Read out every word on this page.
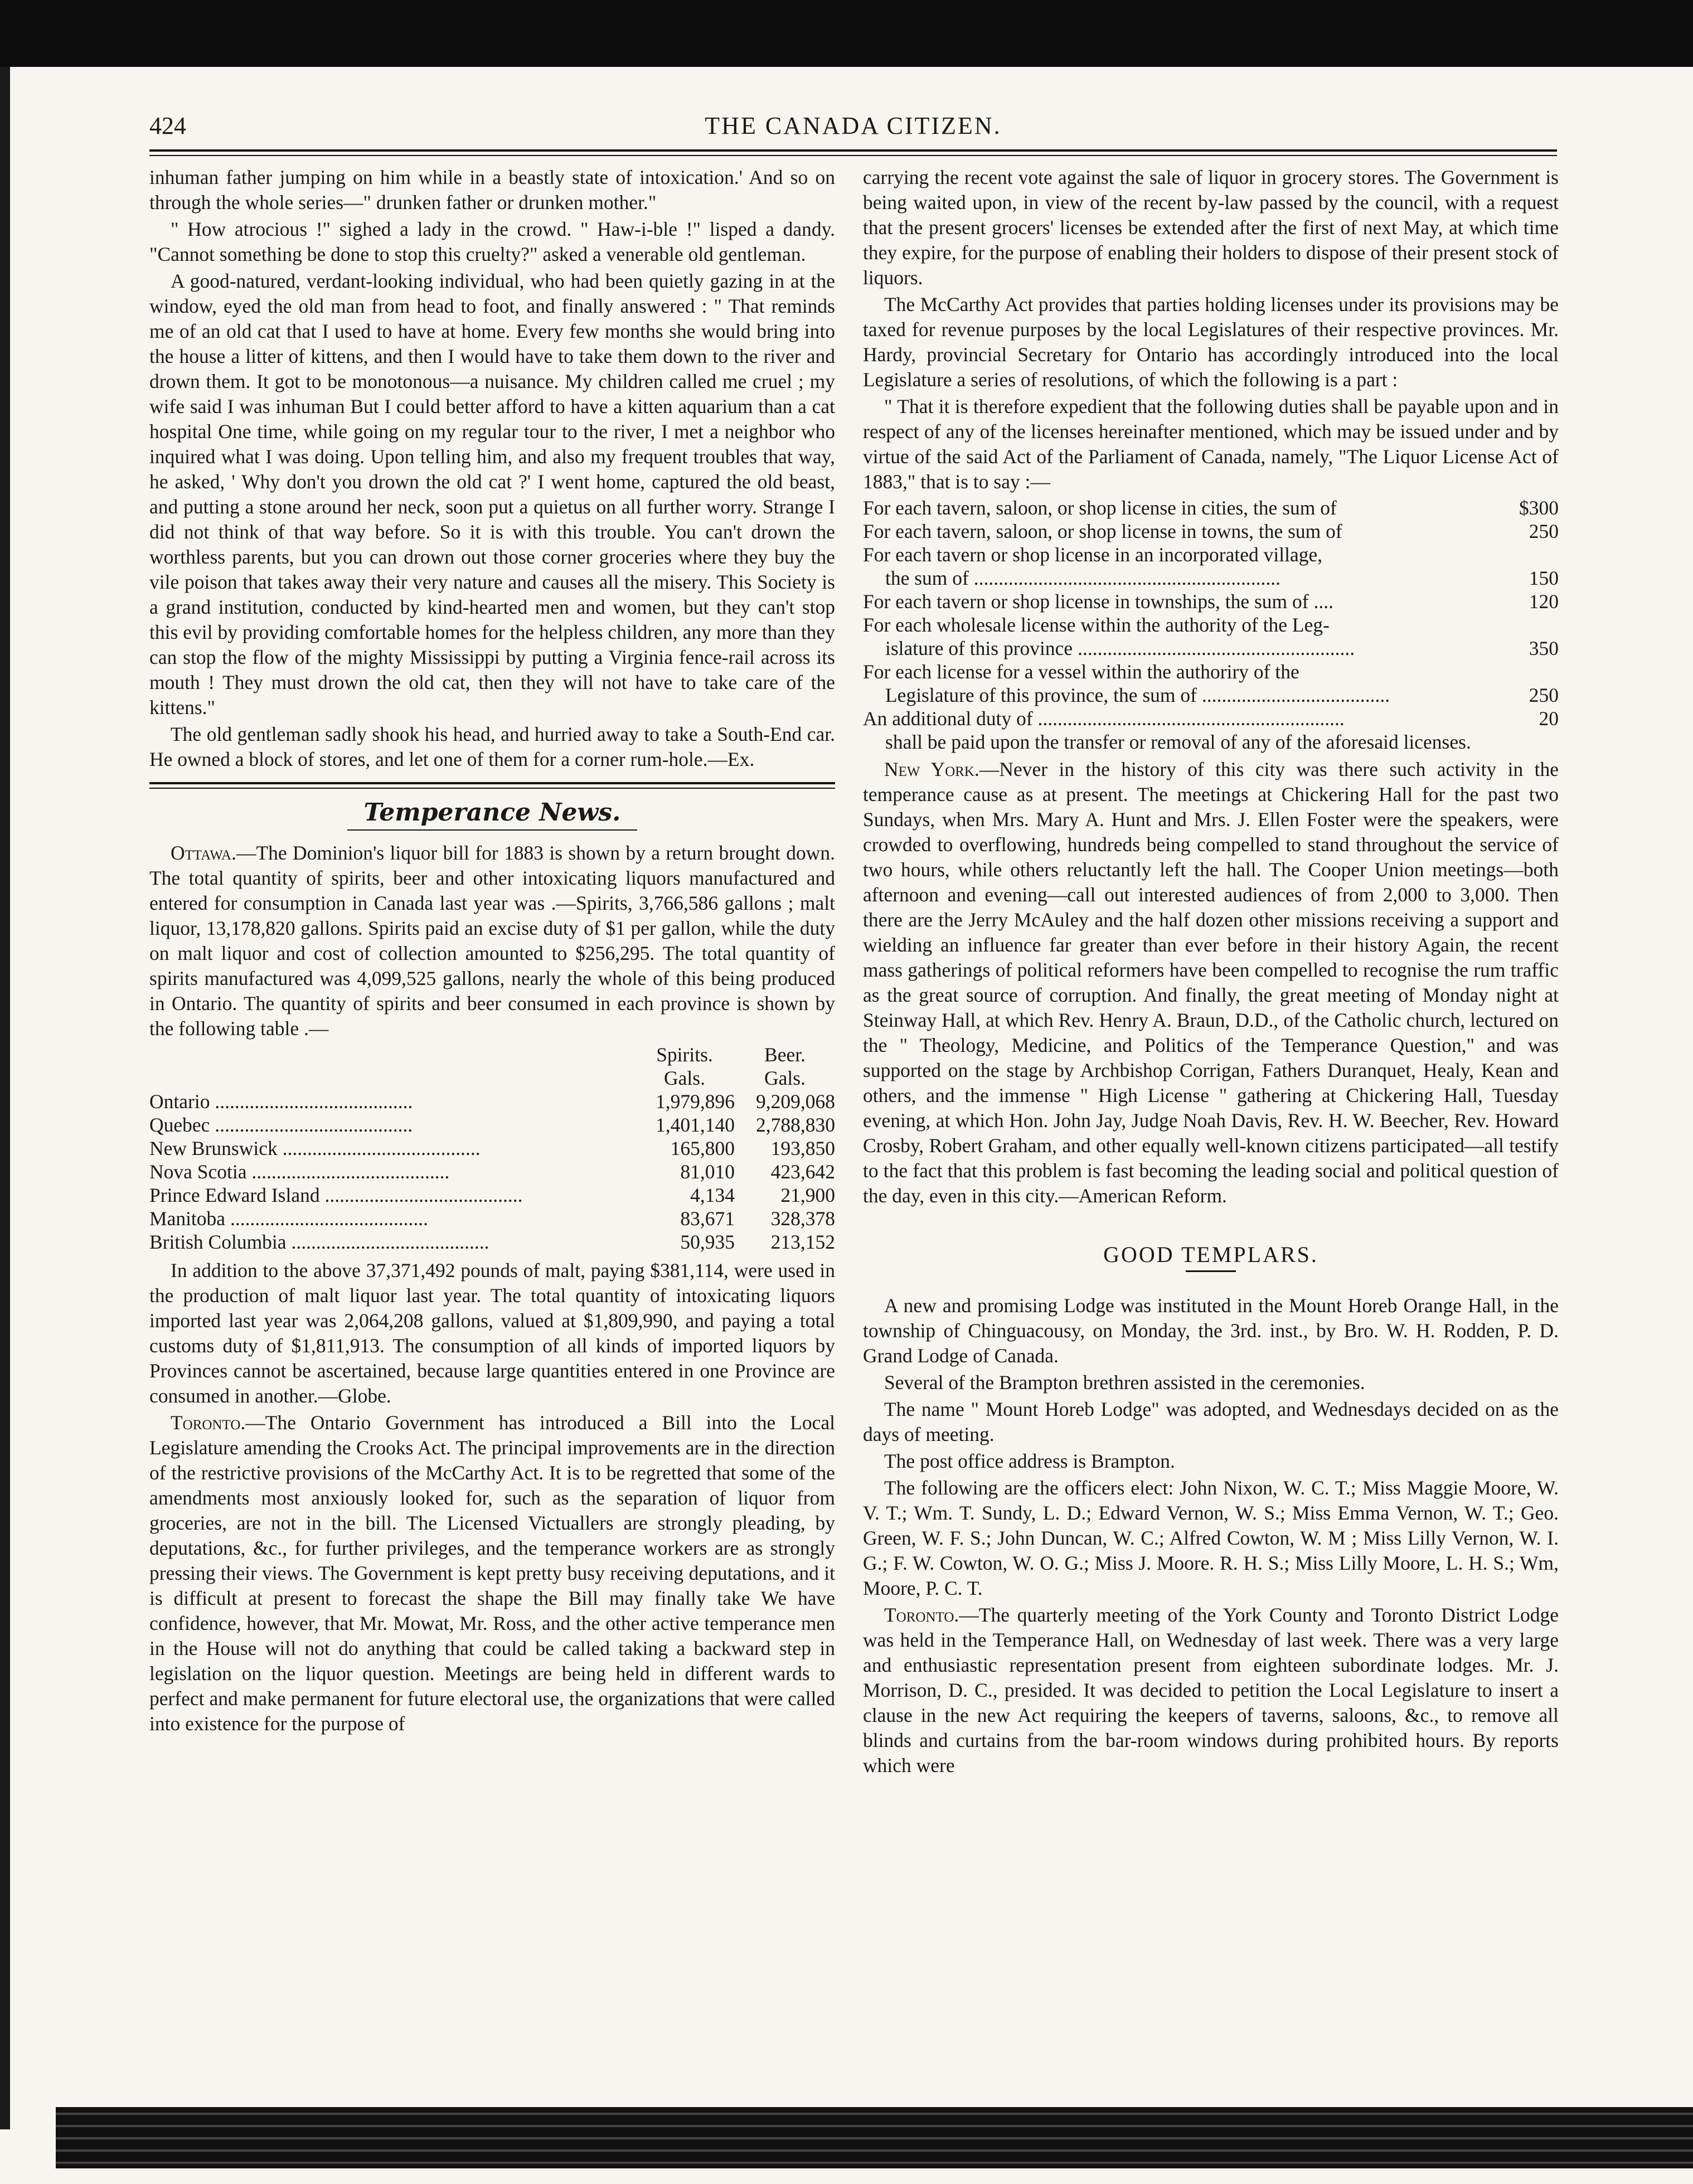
THE CANADA CITIZEN.
424

inhuman father jumping on him while in a beastly state of intoxication.' And so on through the whole series—" drunken father or drunken mother."

" How atrocious !" sighed a lady in the crowd. " Haw-i-ble !" lisped a dandy. "Cannot something be done to stop this cruelty?" asked a venerable old gentleman.

A good-natured, verdant-looking individual, who had been quietly gazing in at the window, eyed the old man from head to foot, and finally answered : " That reminds me of an old cat that I used to have at home. Every few months she would bring into the house a litter of kittens, and then I would have to take them down to the river and drown them. It got to be monotonous—a nuisance. My children called me cruel ; my wife said I was inhuman But I could better afford to have a kitten aquarium than a cat hospital One time, while going on my regular tour to the river, I met a neighbor who inquired what I was doing. Upon telling him, and also my frequent troubles that way, he asked, ' Why don't you drown the old cat ?' I went home, captured the old beast, and putting a stone around her neck, soon put a quietus on all further worry. Strange I did not think of that way before. So it is with this trouble. You can't drown the worthless parents, but you can drown out those corner groceries where they buy the vile poison that takes away their very nature and causes all the misery. This Society is a grand institution, conducted by kind-hearted men and women, but they can't stop this evil by providing comfortable homes for the helpless children, any more than they can stop the flow of the mighty Mississippi by putting a Virginia fence-rail across its mouth ! They must drown the old cat, then they will not have to take care of the kittens."

The old gentleman sadly shook his head, and hurried away to take a South-End car. He owned a block of stores, and let one of them for a corner rum-hole.—Ex.

Temperance News.

Ottawa.—The Dominion's liquor bill for 1883 is shown by a return brought down. The total quantity of spirits, beer and other intoxicating liquors manufactured and entered for consumption in Canada last year was .—Spirits, 3,766,586 gallons ; malt liquor, 13,178,820 gallons. Spirits paid an excise duty of $1 per gallon, while the duty on malt liquor and cost of collection amounted to $256,295. The total quantity of spirits manufactured was 4,099,525 gallons, nearly the whole of this being produced in Ontario. The quantity of spirits and beer consumed in each province is shown by the following table .—

	Spirits.	Beer.
	Gals.	Gals.
Ontario ........................................	1,979,896	9,209,068
Quebec ........................................	1,401,140	2,788,830
New Brunswick ........................................	165,800	193,850
Nova Scotia ........................................	81,010	423,642
Prince Edward Island ........................................	4,134	21,900
Manitoba ........................................	83,671	328,378
British Columbia ........................................	50,935	213,152

In addition to the above 37,371,492 pounds of malt, paying $381,114, were used in the production of malt liquor last year. The total quantity of intoxicating liquors imported last year was 2,064,208 gallons, valued at $1,809,990, and paying a total customs duty of $1,811,913. The consumption of all kinds of imported liquors by Provinces cannot be ascertained, because large quantities entered in one Province are consumed in another.—Globe.

Toronto.—The Ontario Government has introduced a Bill into the Local Legislature amending the Crooks Act. The principal improvements are in the direction of the restrictive provisions of the McCarthy Act. It is to be regretted that some of the amendments most anxiously looked for, such as the separation of liquor from groceries, are not in the bill. The Licensed Victuallers are strongly pleading, by deputations, &c., for further privileges, and the temperance workers are as strongly pressing their views. The Government is kept pretty busy receiving deputations, and it is difficult at present to forecast the shape the Bill may finally take We have confidence, however, that Mr. Mowat, Mr. Ross, and the other active temperance men in the House will not do anything that could be called taking a backward step in legislation on the liquor question. Meetings are being held in different wards to perfect and make permanent for future electoral use, the organizations that were called into existence for the purpose of

carrying the recent vote against the sale of liquor in grocery stores. The Government is being waited upon, in view of the recent by-law passed by the council, with a request that the present grocers' licenses be extended after the first of next May, at which time they expire, for the purpose of enabling their holders to dispose of their present stock of liquors.

The McCarthy Act provides that parties holding licenses under its provisions may be taxed for revenue purposes by the local Legislatures of their respective provinces. Mr. Hardy, provincial Secretary for Ontario has accordingly introduced into the local Legislature a series of resolutions, of which the following is a part :

" That it is therefore expedient that the following duties shall be payable upon and in respect of any of the licenses hereinafter mentioned, which may be issued under and by virtue of the said Act of the Parliament of Canada, namely, "The Liquor License Act of 1883," that is to say :—

For each tavern, saloon, or shop license in cities, the sum of	$300
For each tavern, saloon, or shop license in towns, the sum of	250
For each tavern or shop license in an incorporated village,	
the sum of ..............................................................	150
For each tavern or shop license in townships, the sum of ....	120
For each wholesale license within the authority of the Leg-	
islature of this province ........................................................	350
For each license for a vessel within the authoriry of the	
Legislature of this province, the sum of ......................................	250
An additional duty of ..............................................................	20
shall be paid upon the transfer or removal of any of the aforesaid licenses.	

New York.—Never in the history of this city was there such activity in the temperance cause as at present. The meetings at Chickering Hall for the past two Sundays, when Mrs. Mary A. Hunt and Mrs. J. Ellen Foster were the speakers, were crowded to overflowing, hundreds being compelled to stand throughout the service of two hours, while others reluctantly left the hall. The Cooper Union meetings—both afternoon and evening—call out interested audiences of from 2,000 to 3,000. Then there are the Jerry McAuley and the half dozen other missions receiving a support and wielding an influence far greater than ever before in their history Again, the recent mass gatherings of political reformers have been compelled to recognise the rum traffic as the great source of corruption. And finally, the great meeting of Monday night at Steinway Hall, at which Rev. Henry A. Braun, D.D., of the Catholic church, lectured on the " Theology, Medicine, and Politics of the Temperance Question," and was supported on the stage by Archbishop Corrigan, Fathers Duranquet, Healy, Kean and others, and the immense " High License " gathering at Chickering Hall, Tuesday evening, at which Hon. John Jay, Judge Noah Davis, Rev. H. W. Beecher, Rev. Howard Crosby, Robert Graham, and other equally well-known citizens participated—all testify to the fact that this problem is fast becoming the leading social and political question of the day, even in this city.—American Reform.

GOOD TEMPLARS.

A new and promising Lodge was instituted in the Mount Horeb Orange Hall, in the township of Chinguacousy, on Monday, the 3rd. inst., by Bro. W. H. Rodden, P. D. Grand Lodge of Canada.

Several of the Brampton brethren assisted in the ceremonies.

The name " Mount Horeb Lodge" was adopted, and Wednesdays decided on as the days of meeting.

The post office address is Brampton.

The following are the officers elect: John Nixon, W. C. T.; Miss Maggie Moore, W. V. T.; Wm. T. Sundy, L. D.; Edward Vernon, W. S.; Miss Emma Vernon, W. T.; Geo. Green, W. F. S.; John Duncan, W. C.; Alfred Cowton, W. M ; Miss Lilly Vernon, W. I. G.; F. W. Cowton, W. O. G.; Miss J. Moore. R. H. S.; Miss Lilly Moore, L. H. S.; Wm, Moore, P. C. T.

Toronto.—The quarterly meeting of the York County and Toronto District Lodge was held in the Temperance Hall, on Wednesday of last week. There was a very large and enthusiastic representation present from eighteen subordinate lodges. Mr. J. Morrison, D. C., presided. It was decided to petition the Local Legislature to insert a clause in the new Act requiring the keepers of taverns, saloons, &c., to remove all blinds and curtains from the bar-room windows during prohibited hours. By reports which were
